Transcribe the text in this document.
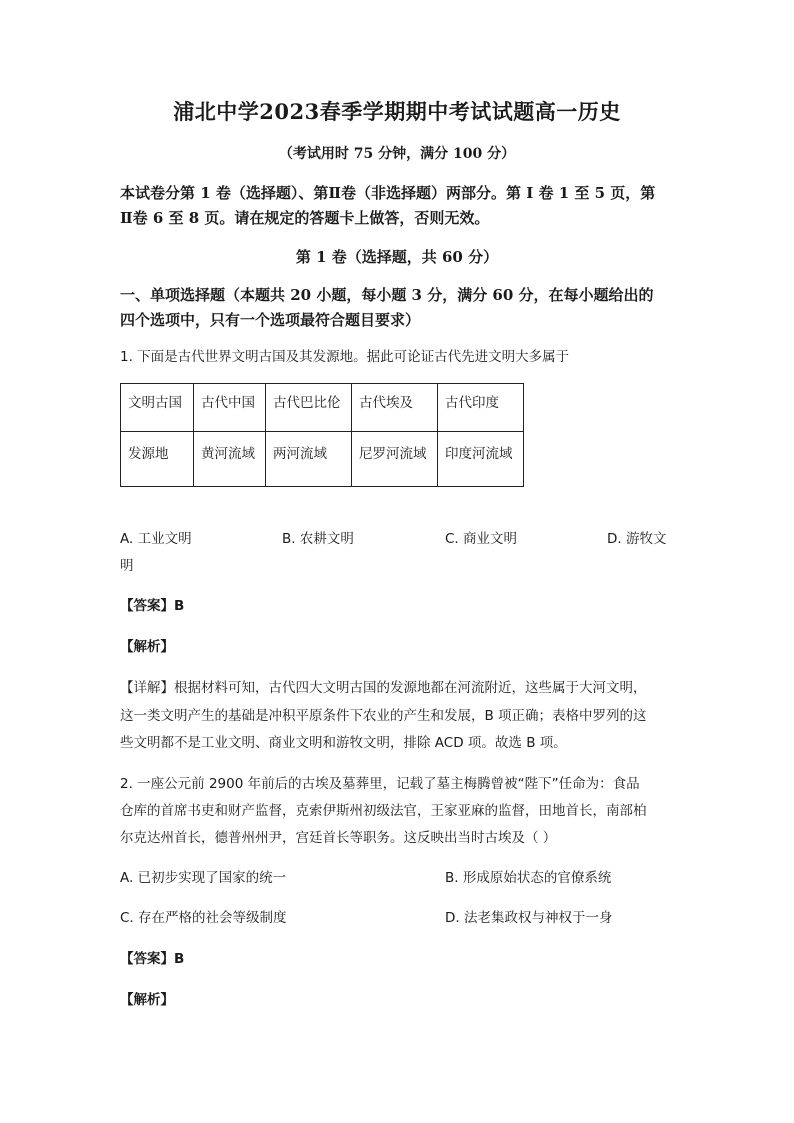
浦北中学2023春季学期期中考试试题高一历史
（考试用时 75 分钟，满分 100 分）
本试卷分第 1 卷（选择题）、第Ⅱ卷（非选择题）两部分。第 I 卷 1 至 5 页，第
Ⅱ卷 6 至 8 页。请在规定的答题卡上做答，否则无效。
第 1 卷（选择题，共 60 分）
一、单项选择题（本题共 20 小题，每小题 3 分，满分 60 分，在每小题给出的
四个选项中，只有一个选项最符合题目要求）
1. 下面是古代世界文明古国及其发源地。据此可论证古代先进文明大多属于
文明古国	古代中国	古代巴比伦	古代埃及	古代印度
发源地	黄河流域	两河流域	尼罗河流域	印度河流域
A. 工业文明	B. 农耕文明	C. 商业文明	D. 游牧文
明
【答案】B
【解析】
【详解】根据材料可知，古代四大文明古国的发源地都在河流附近，这些属于大河文明，
这一类文明产生的基础是冲积平原条件下农业的产生和发展，B 项正确；表格中罗列的这
些文明都不是工业文明、商业文明和游牧文明，排除 ACD 项。故选 B 项。
2. 一座公元前 2900 年前后的古埃及墓葬里，记载了墓主梅腾曾被“陛下”任命为：食品
仓库的首席书吏和财产监督，克索伊斯州初级法官，王家亚麻的监督，田地首长，南部柏
尔克达州首长，德普州州尹，宫廷首长等职务。这反映出当时古埃及（ ）
A. 已初步实现了国家的统一	B. 形成原始状态的官僚系统
C. 存在严格的社会等级制度	D. 法老集政权与神权于一身
【答案】B
【解析】
